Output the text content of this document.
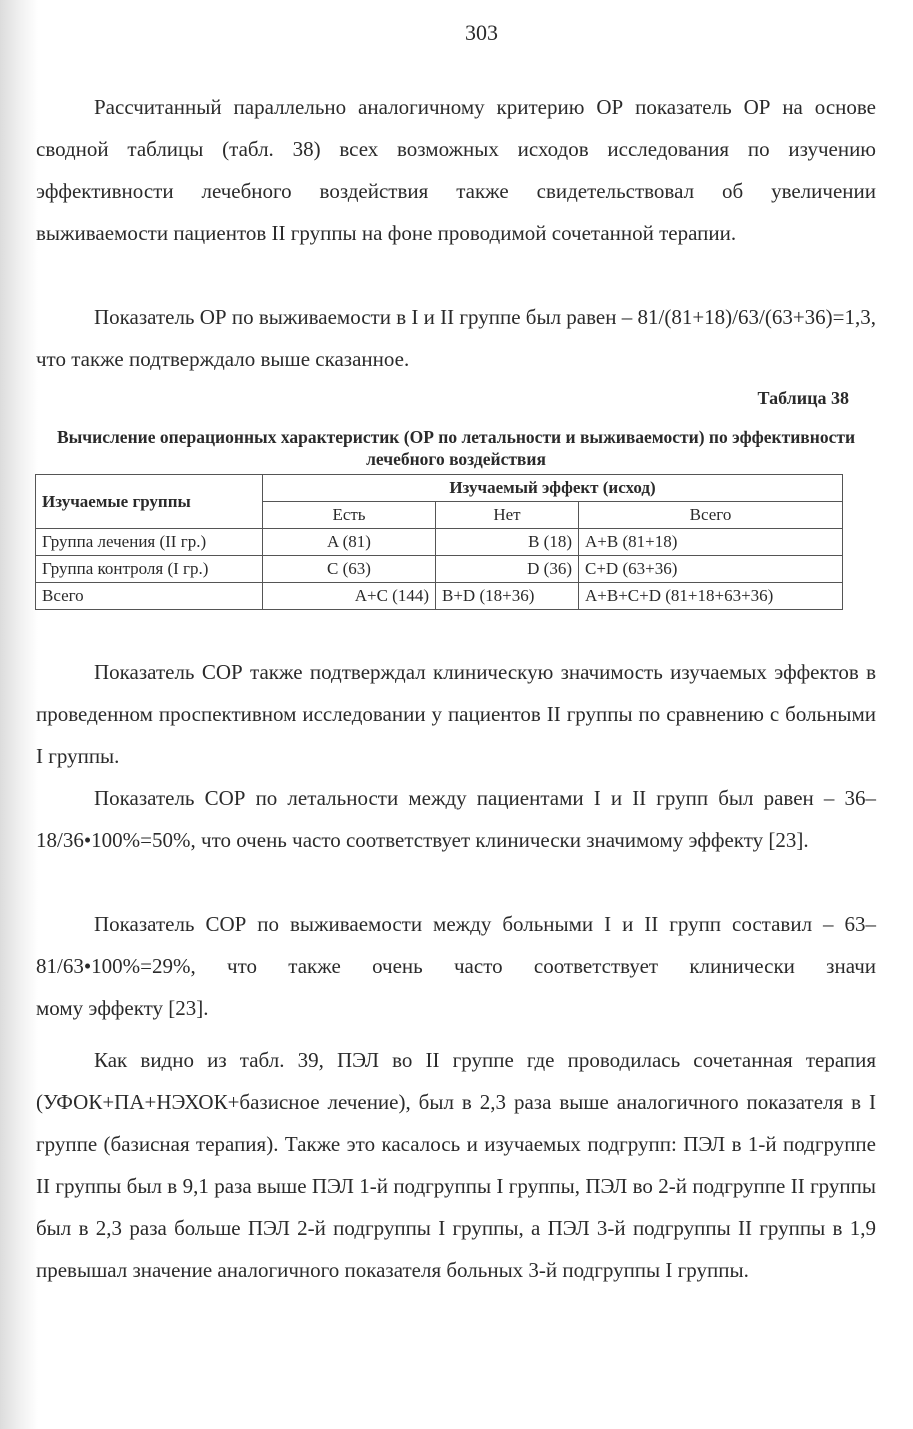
303

Рассчитанный параллельно аналогичному критерию ОР показатель ОР на основе сводной таблицы (табл. 38) всех возможных исходов исследования по изучению эффективности лечебного воздействия также свидетельствовал об увеличении выживаемости пациентов II группы на фоне проводимой сочетанной терапии.

Показатель ОР по выживаемости в I и II группе был равен – 81/(81+18)/63/(63+36)=1,3, что также подтверждало выше сказанное.

Таблица 38
Вычисление операционных характеристик (ОР по летальности и выживаемости) по эффективности лечебного воздействия
Изучаемые группы	Изучаемый эффект (исход)		
	Есть	Нет	Всего
Группа лечения (II гр.)	A (81)	B (18)	A+B (81+18)
Группа контроля (I гр.)	C (63)	D (36)	C+D (63+36)
Всего	A+C (144)	B+D (18+36)	A+B+C+D (81+18+63+36)

Показатель СОР также подтверждал клиническую значимость изучаемых эффектов в проведенном проспективном исследовании у пациентов II группы по сравнению с больными I группы.

Показатель СОР по летальности между пациентами I и II групп был равен – 36–18/36•100%=50%, что очень часто соответствует клинически значимому эффекту [23].

Показатель СОР по выживаемости между больными I и II групп составил – 63–81/63•100%=29%, что также очень часто соответствует клинически значи

мому эффекту [23].

Как видно из табл. 39, ПЭЛ во II группе где проводилась сочетанная терапия (УФОК+ПА+НЭХОК+базисное лечение), был в 2,3 раза выше аналогичного показателя в I группе (базисная терапия). Также это касалось и изучаемых подгрупп: ПЭЛ в 1-й подгруппе II группы был в 9,1 раза выше ПЭЛ 1-й подгруппы I группы, ПЭЛ во 2-й подгруппе II группы был в 2,3 раза больше ПЭЛ 2-й подгруппы I группы, а ПЭЛ 3-й подгруппы II группы в 1,9 превышал значение аналогичного показателя больных 3-й подгруппы I группы.
